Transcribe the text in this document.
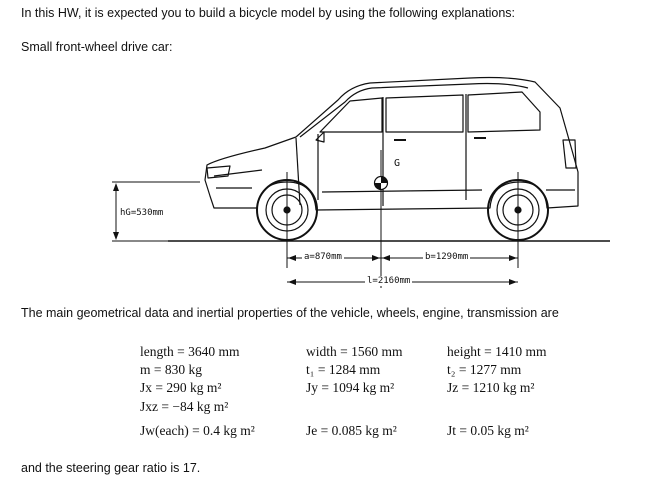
In this HW, it is expected you to build a bicycle model by using the following explanations:
Small front-wheel drive car:
G
hG=530mm
a=870mm	b=1290mm
l=2160mm
The main geometrical data and inertial properties of the vehicle, wheels, engine, transmission are
length = 3640 mm	width = 1560 mm	height = 1410 mm
m = 830 kg	t₁ = 1284 mm	t₂ = 1277 mm
Jx = 290 kg m²	Jy = 1094 kg m²	Jz = 1210 kg m²
Jxz = −84 kg m²
Jw(each) = 0.4 kg m²	Je = 0.085 kg m²	Jt = 0.05 kg m²
and the steering gear ratio is 17.
